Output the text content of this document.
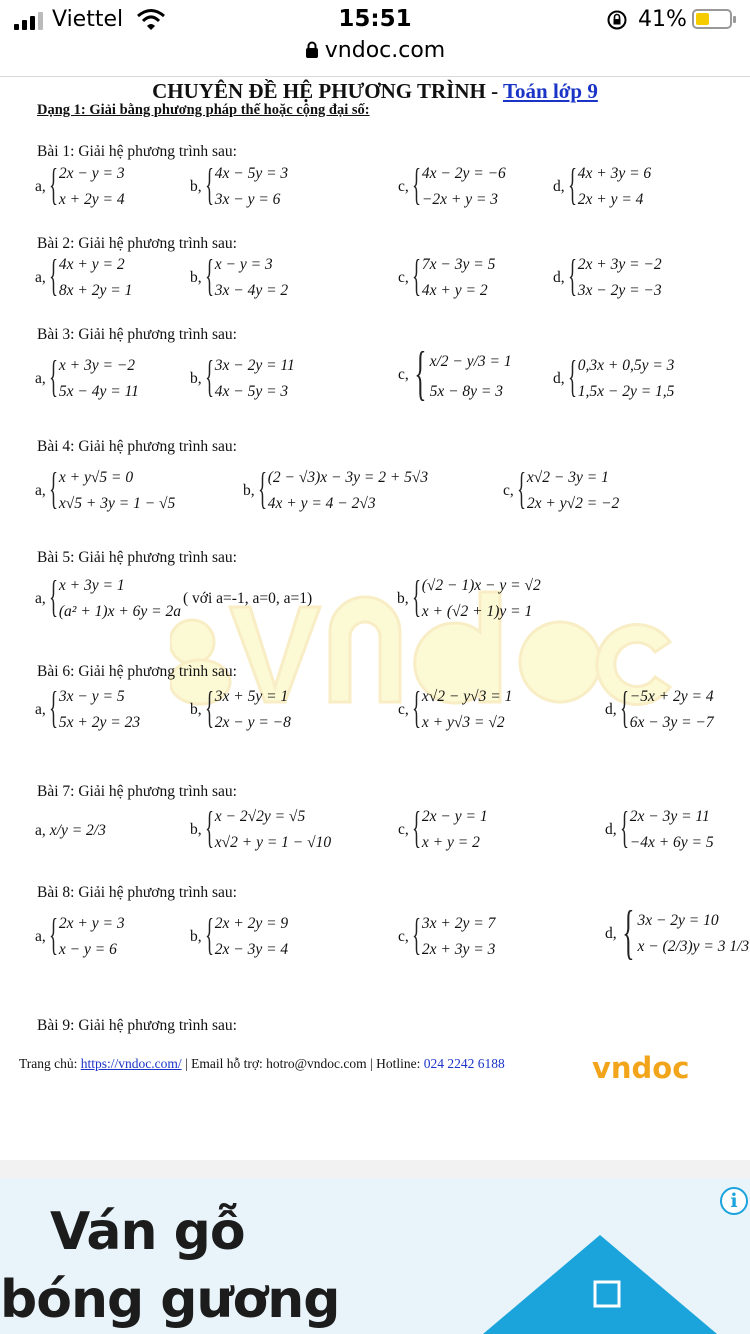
Viettel	15:51	41%
vndoc.com
CHUYÊN ĐỀ HỆ PHƯƠNG TRÌNH - Toán lớp 9
Dạng 1: Giải bằng phương pháp thế hoặc cộng đại số:
Bài 1: Giải hệ phương trình sau:
a, { 2x − y = 3
x + 2y = 4
b, { 4x − 5y = 3
3x − y = 6
c, { 4x − 2y = −6
−2x + y = 3
d, { 4x + 3y = 6
2x + y = 4
Bài 2: Giải hệ phương trình sau:
a, { 4x + y = 2
8x + 2y = 1
b, { x − y = 3
3x − 4y = 2
c, { 7x − 3y = 5
4x + y = 2
d, { 2x + 3y = −2
3x − 2y = −3
Bài 3: Giải hệ phương trình sau:
a, { x + 3y = −2
5x − 4y = 11
b, { 3x − 2y = 11
4x − 5y = 3
c, { x/2 − y/3 = 1
5x − 8y = 3
d, { 0,3x + 0,5y = 3
1,5x − 2y = 1,5
Bài 4: Giải hệ phương trình sau:
a, { x + y√5 = 0
x√5 + 3y = 1 − √5
b, { (2 − √3)x − 3y = 2 + 5√3
4x + y = 4 − 2√3
c, { x√2 − 3y = 1
2x + y√2 = −2
Bài 5: Giải hệ phương trình sau:
a, { x + 3y = 1
(a² + 1)x + 6y = 2a
( với a=-1, a=0, a=1)	b, { (√2 − 1)x − y = √2
x + (√2 + 1)y = 1
Bài 6: Giải hệ phương trình sau:
a, { 3x − y = 5
5x + 2y = 23
b, { 3x + 5y = 1
2x − y = −8
c, { x√2 − y√3 = 1
x + y√3 = √2
d, { −5x + 2y = 4
6x − 3y = −7
Bài 7: Giải hệ phương trình sau:
a, x/y = 2/3	b, { x − 2√2y = √5
x√2 + y = 1 − √10
c, { 2x − y = 1
x + y = 2
d, { 2x − 3y = 11
−4x + 6y = 5
Bài 8: Giải hệ phương trình sau:
a, { 2x + y = 3
x − y = 6
b, { 2x + 2y = 9
2x − 3y = 4
c, { 3x + 2y = 7
2x + 3y = 3
d, { 3x − 2y = 10
x − (2/3)y = 3 1/3
Bài 9: Giải hệ phương trình sau:
Trang chủ: https://vndoc.com/ | Email hỗ trợ: hotro@vndoc.com | Hotline: 024 2242 6188	vndoc
Ván gỗ
bóng gương
i
